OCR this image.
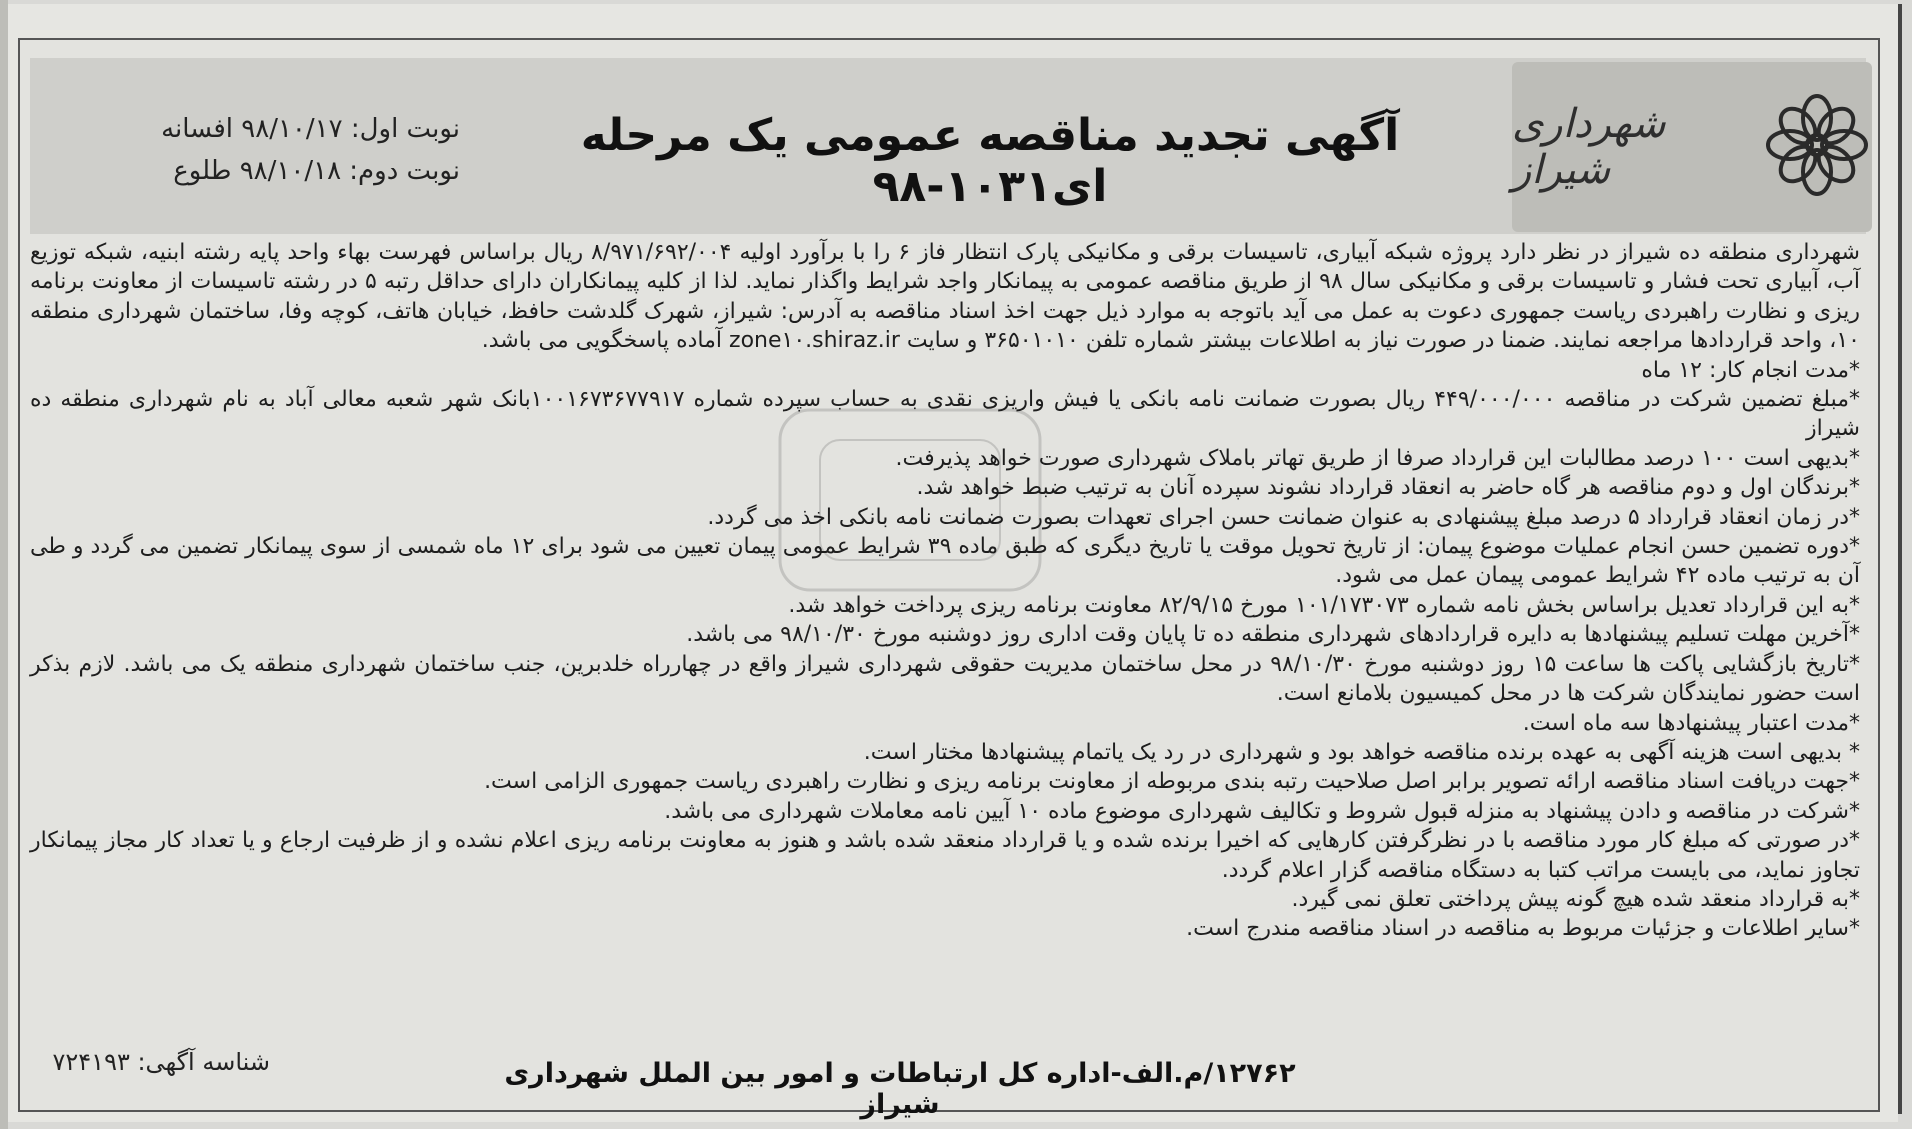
شهرداری شیراز
آگهی تجدید مناقصه عمومی یک مرحله ای۱۰۳۱-۹۸
نوبت اول: ۹۸/۱۰/۱۷ افسانه
نوبت دوم: ۹۸/۱۰/۱۸ طلوع

شهرداری منطقه ده شیراز در نظر دارد پروژه شبکه آبیاری، تاسیسات برقی و مکانیکی پارک انتظار فاز ۶ را با برآورد اولیه ۸/۹۷۱/۶۹۲/۰۰۴ ریال براساس فهرست بهاء واحد پایه رشته ابنیه، شبکه توزیع آب، آبیاری تحت فشار و تاسیسات برقی و مکانیکی سال ۹۸ از طریق مناقصه عمومی به پیمانکار واجد شرایط واگذار نماید. لذا از کلیه پیمانکاران دارای حداقل رتبه ۵ در رشته تاسیسات از معاونت برنامه ریزی و نظارت راهبردی ریاست جمهوری دعوت به عمل می آید باتوجه به موارد ذیل جهت اخذ اسناد مناقصه به آدرس: شیراز، شهرک گلدشت حافظ، خیابان هاتف، کوچه وفا، ساختمان شهرداری منطقه ۱۰، واحد قراردادها مراجعه نمایند. ضمنا در صورت نیاز به اطلاعات بیشتر شماره تلفن ۳۶۵۰۱۰۱۰ و سایت zone۱۰.shiraz.ir آماده پاسخگویی می باشد.

*مدت انجام کار: ۱۲ ماه

*مبلغ تضمین شرکت در مناقصه ۴۴۹/۰۰۰/۰۰۰ ریال بصورت ضمانت نامه بانکی یا فیش واریزی نقدی به حساب سپرده شماره ۱۰۰۱۶۷۳۶۷۷۹۱۷بانک شهر شعبه معالی آباد به نام شهرداری منطقه ده شیراز

*بدیهی است ۱۰۰ درصد مطالبات این قرارداد صرفا از طریق تهاتر باملاک شهرداری صورت خواهد پذیرفت.

*برندگان اول و دوم مناقصه هر گاه حاضر به انعقاد قرارداد نشوند سپرده آنان به ترتیب ضبط خواهد شد.

*در زمان انعقاد قرارداد ۵ درصد مبلغ پیشنهادی به عنوان ضمانت حسن اجرای تعهدات بصورت ضمانت نامه بانکی اخذ می گردد.

*دوره تضمین حسن انجام عملیات موضوع پیمان: از تاریخ تحویل موقت یا تاریخ دیگری که طبق ماده ۳۹ شرایط عمومی پیمان تعیین می شود برای ۱۲ ماه شمسی از سوی پیمانکار تضمین می گردد و طی آن به ترتیب ماده ۴۲ شرایط عمومی پیمان عمل می شود.

*به این قرارداد تعدیل براساس بخش نامه شماره ۱۰۱/۱۷۳۰۷۳ مورخ ۸۲/۹/۱۵ معاونت برنامه ریزی پرداخت خواهد شد.

*آخرین مهلت تسلیم پیشنهادها به دایره قراردادهای شهرداری منطقه ده تا پایان وقت اداری روز دوشنبه مورخ ۹۸/۱۰/۳۰ می باشد.

*تاریخ بازگشایی پاکت ها ساعت ۱۵ روز دوشنبه مورخ ۹۸/۱۰/۳۰ در محل ساختمان مدیریت حقوقی شهرداری شیراز واقع در چهارراه خلدبرین، جنب ساختمان شهرداری منطقه یک می باشد. لازم بذکر است حضور نمایندگان شرکت ها در محل کمیسیون بلامانع است.

*مدت اعتبار پیشنهادها سه ماه است.

* بدیهی است هزینه آگهی به عهده برنده مناقصه خواهد بود و شهرداری در رد یک یاتمام پیشنهادها مختار است.

*جهت دریافت اسناد مناقصه ارائه تصویر برابر اصل صلاحیت رتبه بندی مربوطه از معاونت برنامه ریزی و نظارت راهبردی ریاست جمهوری الزامی است.

*شرکت در مناقصه و دادن پیشنهاد به منزله قبول شروط و تکالیف شهرداری موضوع ماده ۱۰ آیین نامه معاملات شهرداری می باشد.

*در صورتی که مبلغ کار مورد مناقصه با در نظرگرفتن کارهایی که اخیرا برنده شده و یا قرارداد منعقد شده باشد و هنوز به معاونت برنامه ریزی اعلام نشده و از ظرفیت ارجاع و یا تعداد کار مجاز پیمانکار تجاوز نماید، می بایست مراتب کتبا به دستگاه مناقصه گزار اعلام گردد.

*به قرارداد منعقد شده هیچ گونه پیش پرداختی تعلق نمی گیرد.

*سایر اطلاعات و جزئیات مربوط به مناقصه در اسناد مناقصه مندرج است.

۱۲۷۶۲/م.الف-اداره کل ارتباطات و امور بین الملل شهرداری شیراز
شناسه آگهی: ۷۲۴۱۹۳
